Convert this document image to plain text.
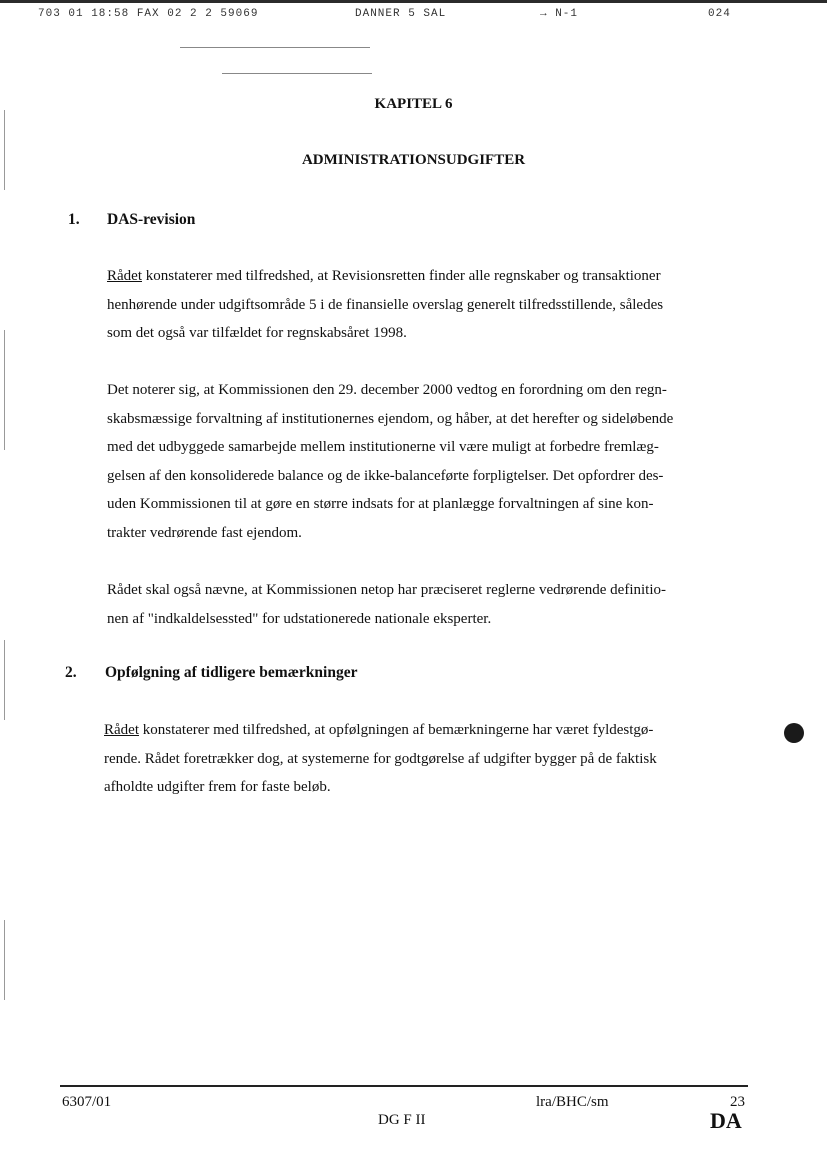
703 01 18:58 FAX 02 2 2 59069	DANNER 5 SAL	→ N-1	024
KAPITEL 6
ADMINISTRATIONSUDGIFTER
1. DAS-revision
Rådet konstaterer med tilfredshed, at Revisionsretten finder alle regnskaber og transaktioner
henhørende under udgiftsområde 5 i de finansielle overslag generelt tilfredsstillende, således
som det også var tilfældet for regnskabsåret 1998.
Det noterer sig, at Kommissionen den 29. december 2000 vedtog en forordning om den regn-
skabsmæssige forvaltning af institutionernes ejendom, og håber, at det herefter og sideløbende
med det udbyggede samarbejde mellem institutionerne vil være muligt at forbedre fremlæg-
gelsen af den konsoliderede balance og de ikke-balanceførte forpligtelser. Det opfordrer des-
uden Kommissionen til at gøre en større indsats for at planlægge forvaltningen af sine kon-
trakter vedrørende fast ejendom.
Rådet skal også nævne, at Kommissionen netop har præciseret reglerne vedrørende definitio-
nen af "indkaldelsessted" for udstationerede nationale eksperter.
2. Opfølgning af tidligere bemærkninger
Rådet konstaterer med tilfredshed, at opfølgningen af bemærkningerne har været fyldestgø-
rende. Rådet foretrækker dog, at systemerne for godtgørelse af udgifter bygger på de faktisk
afholdte udgifter frem for faste beløb.
6307/01	lra/BHC/sm	23
DG F II	DA
